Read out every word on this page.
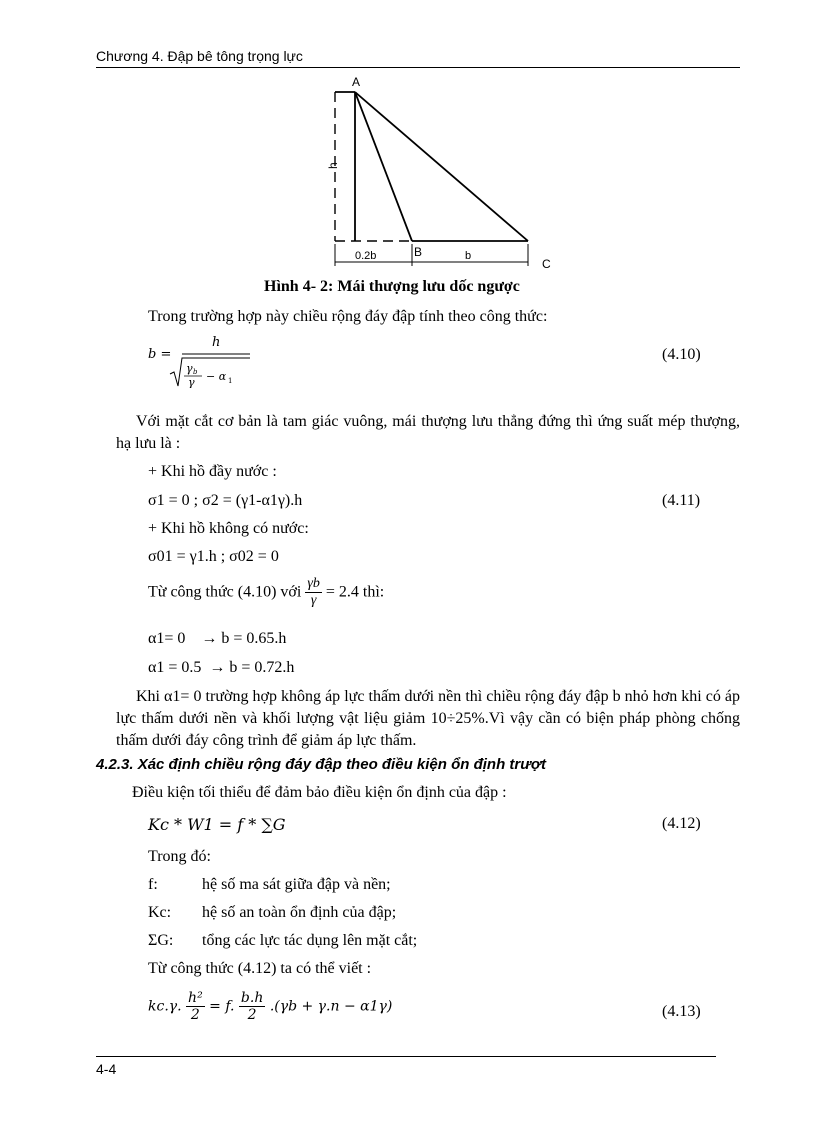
Chương 4. Đập bê tông trọng lực
A
B
C
h
0.2b	b
Hình 4- 2: Mái thượng lưu dốc ngược
Trong trường hợp này chiều rộng đáy đập tính theo công thức:
b =
h
γ b
γ − α 1
(4.10)
Với mặt cắt cơ bản là tam giác vuông, mái thượng lưu thẳng đứng thì ứng suất mép thượng, hạ lưu là :
+ Khi hồ đầy nước :
σ1 = 0 ; σ2 = (γ1-α1γ).h	(4.11)
+ Khi hồ không có nước:
σ01 = γ1.h ; σ02 = 0
Từ công thức (4.10) với $\frac{\gamma b}{\gamma} = 2.4$ thì:
α1= 0    → b = 0.65.h
α1 = 0.5  → b = 0.72.h
Khi α1= 0 trường hợp không áp lực thấm dưới nền thì chiều rộng đáy đập b nhỏ hơn khi có áp lực thấm dưới nền và khối lượng vật liệu giảm 10÷25%.Vì vậy cần có biện pháp phòng chống thấm dưới đáy công trình để giảm áp lực thấm.
4.2.3. Xác định chiều rộng đáy đập theo điều kiện ổn định trượt
Điều kiện tối thiểu để đảm bảo điều kiện ổn định của đập :
Kc * W1 = f * ∑G	(4.12)
Trong đó:
f:	hệ số ma sát giữa đập và nền;
Kc: hệ số an toàn ổn định của đập;
ΣG: tổng các lực tác dụng lên mặt cắt;
Từ công thức (4.12) ta có thể viết :
kc.γ. $\frac{\text{h²}}{2} = f$. $\frac{b.h}{2} .(\gamma b + \gamma.n - \alpha 1\gamma)$	(4.13)
4-4
